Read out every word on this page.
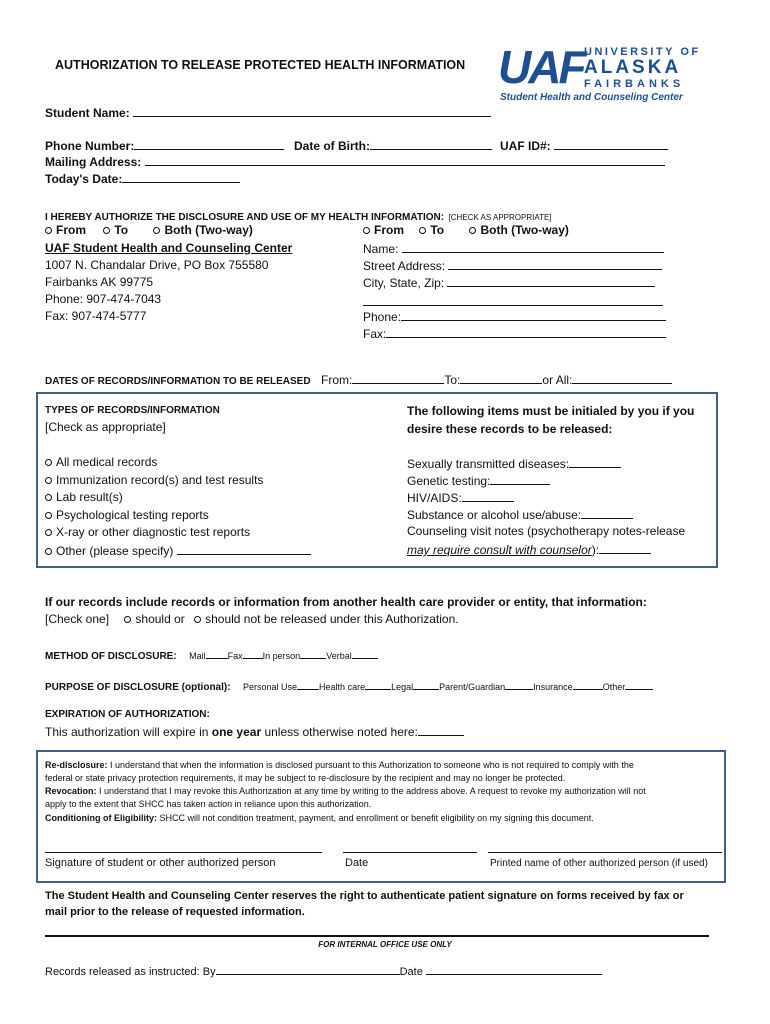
AUTHORIZATION TO RELEASE PROTECTED HEALTH INFORMATION UAF UNIVERSITY OF
ALASKA
FAIRBANKS
Student Health and Counseling Center
Student Name:
Phone Number:	Date of Birth:	UAF ID#:
Mailing Address:
Today's Date:
I HEREBY AUTHORIZE THE DISCLOSURE AND USE OF MY HEALTH INFORMATION: [CHECK AS APPROPRIATE]
From To	Both (Two-way)
UAF Student Health and Counseling Center
1007 N. Chandalar Drive, PO Box 755580
Fairbanks AK 99775
Phone: 907-474-7043
Fax: 907-474-5777
From To	Both (Two-way)
Name:
Street Address:
City, State, Zip:
Phone:
Fax:
DATES OF RECORDS/INFORMATION TO BE RELEASED From:	To:	or All:
TYPES OF RECORDS/INFORMATION
[Check as appropriate]
All medical records
Immunization record(s) and test results
Lab result(s)
Psychological testing reports
X-ray or other diagnostic test reports
Other (please specify)
The following items must be initialed by you if you
desire these records to be released:
Sexually transmitted diseases:
Genetic testing:
HIV/AIDS:
Substance or alcohol use/abuse:
Counseling visit notes (psychotherapy notes-release
may require consult with counselor):
If our records include records or information from another health care provider or entity, that information:
[Check one] should or should not be released under this Authorization.
METHOD OF DISCLOSURE: Mail Fax In person	Verbal
PURPOSE OF DISCLOSURE (optional): Personal Use Health care	Legal	Parent/Guardian	Insurance	Other
EXPIRATION OF AUTHORIZATION:
This authorization will expire in one year unless otherwise noted here:
Re-disclosure: I understand that when the information is disclosed pursuant to this Authorization to someone who is not required to comply with the
federal or state privacy protection requirements, it may be subject to re-disclosure by the recipient and may no longer be protected.
Revocation: I understand that I may revoke this Authorization at any time by writing to the address above. A request to revoke my authorization will not
apply to the extent that SHCC has taken action in reliance upon this authorization.
Conditioning of Eligibility: SHCC will not condition treatment, payment, and enrollment or benefit eligibility on my signing this document.
Signature of student or other authorized person	Date	Printed name of other authorized person (if used)
The Student Health and Counseling Center reserves the right to authenticate patient signature on forms received by fax or
mail prior to the release of requested information.
FOR INTERNAL OFFICE USE ONLY
Records released as instructed: By	Date
